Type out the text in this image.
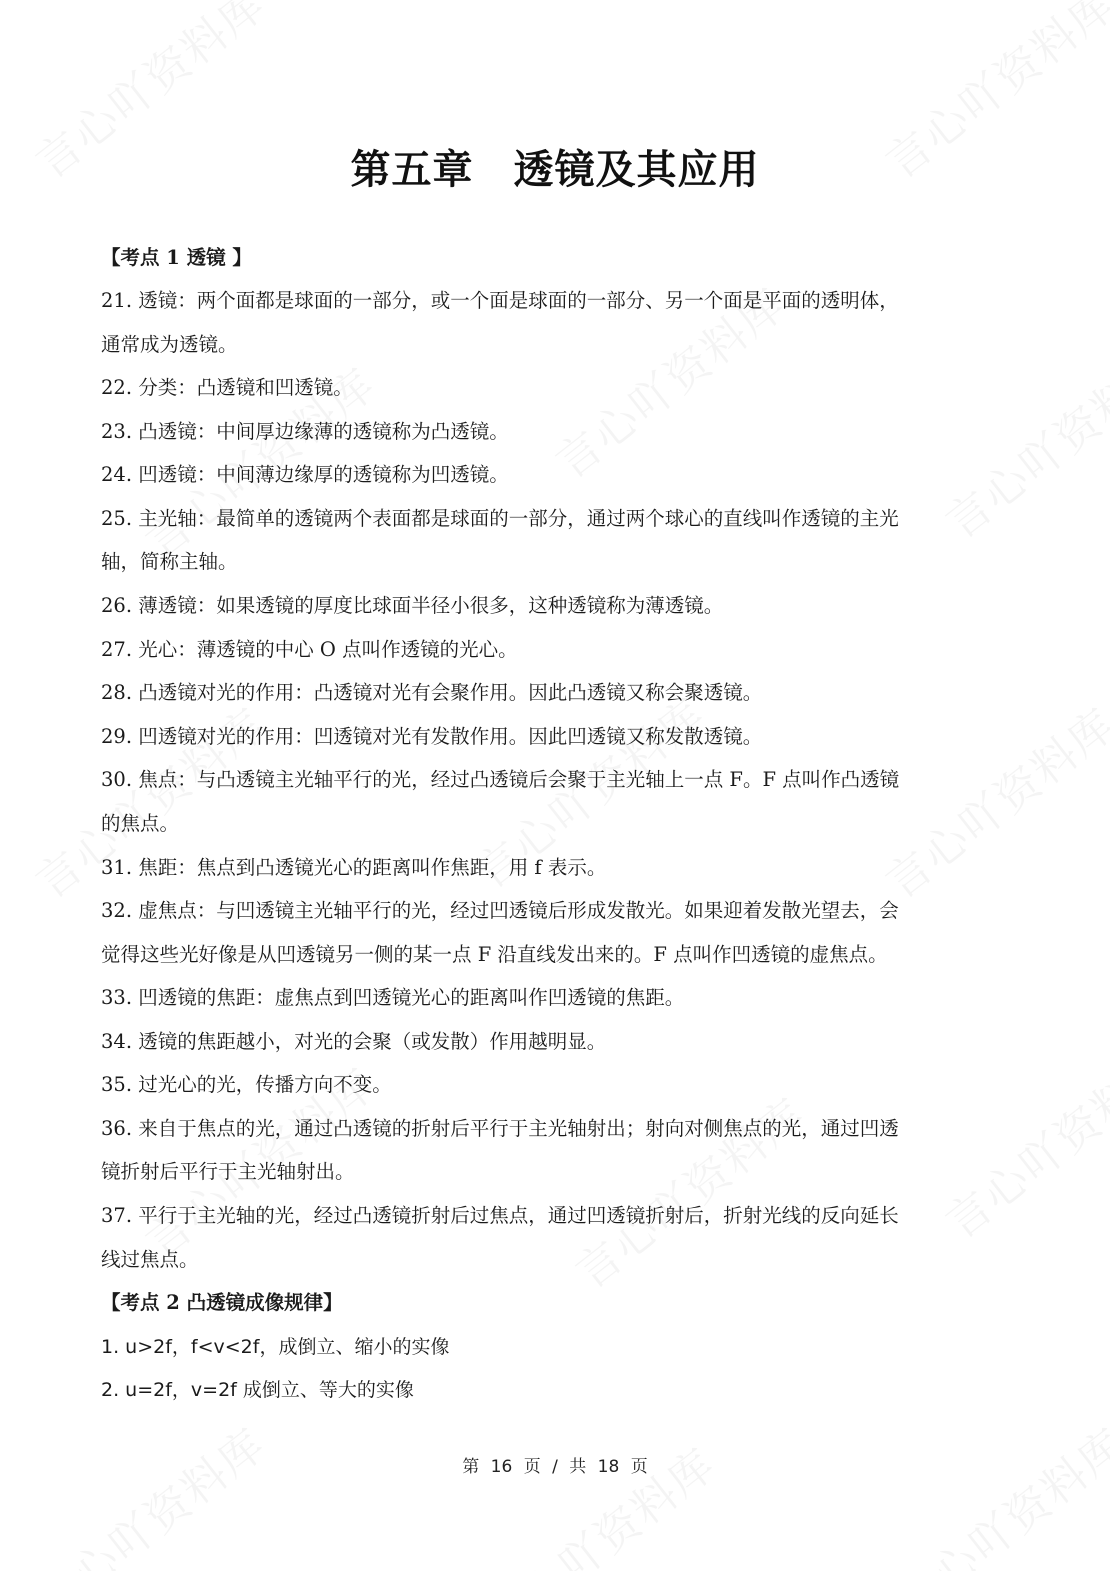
第五章 透镜及其应用
【考点 1 透镜 】
21. 透镜：两个面都是球面的一部分，或一个面是球面的一部分、另一个面是平面的透明体，
通常成为透镜。
22. 分类：凸透镜和凹透镜。
23. 凸透镜：中间厚边缘薄的透镜称为凸透镜。
24. 凹透镜：中间薄边缘厚的透镜称为凹透镜。
25. 主光轴：最简单的透镜两个表面都是球面的一部分，通过两个球心的直线叫作透镜的主光
轴，简称主轴。
26. 薄透镜：如果透镜的厚度比球面半径小很多，这种透镜称为薄透镜。
27. 光心：薄透镜的中心 O 点叫作透镜的光心。
28. 凸透镜对光的作用：凸透镜对光有会聚作用。因此凸透镜又称会聚透镜。
29. 凹透镜对光的作用：凹透镜对光有发散作用。因此凹透镜又称发散透镜。
30. 焦点：与凸透镜主光轴平行的光，经过凸透镜后会聚于主光轴上一点 F。F 点叫作凸透镜
的焦点。
31. 焦距：焦点到凸透镜光心的距离叫作焦距，用 f 表示。
32. 虚焦点：与凹透镜主光轴平行的光，经过凹透镜后形成发散光。如果迎着发散光望去，会
觉得这些光好像是从凹透镜另一侧的某一点 F 沿直线发出来的。F 点叫作凹透镜的虚焦点。
33. 凹透镜的焦距：虚焦点到凹透镜光心的距离叫作凹透镜的焦距。
34. 透镜的焦距越小，对光的会聚（或发散）作用越明显。
35. 过光心的光，传播方向不变。
36. 来自于焦点的光，通过凸透镜的折射后平行于主光轴射出；射向对侧焦点的光，通过凹透
镜折射后平行于主光轴射出。
37. 平行于主光轴的光，经过凸透镜折射后过焦点，通过凹透镜折射后，折射光线的反向延长
线过焦点。
【考点 2 凸透镜成像规律】
1. u>2f，f<v<2f，成倒立、缩小的实像
2. u=2f，v=2f 成倒立、等大的实像
第 16 页 / 共 18 页
